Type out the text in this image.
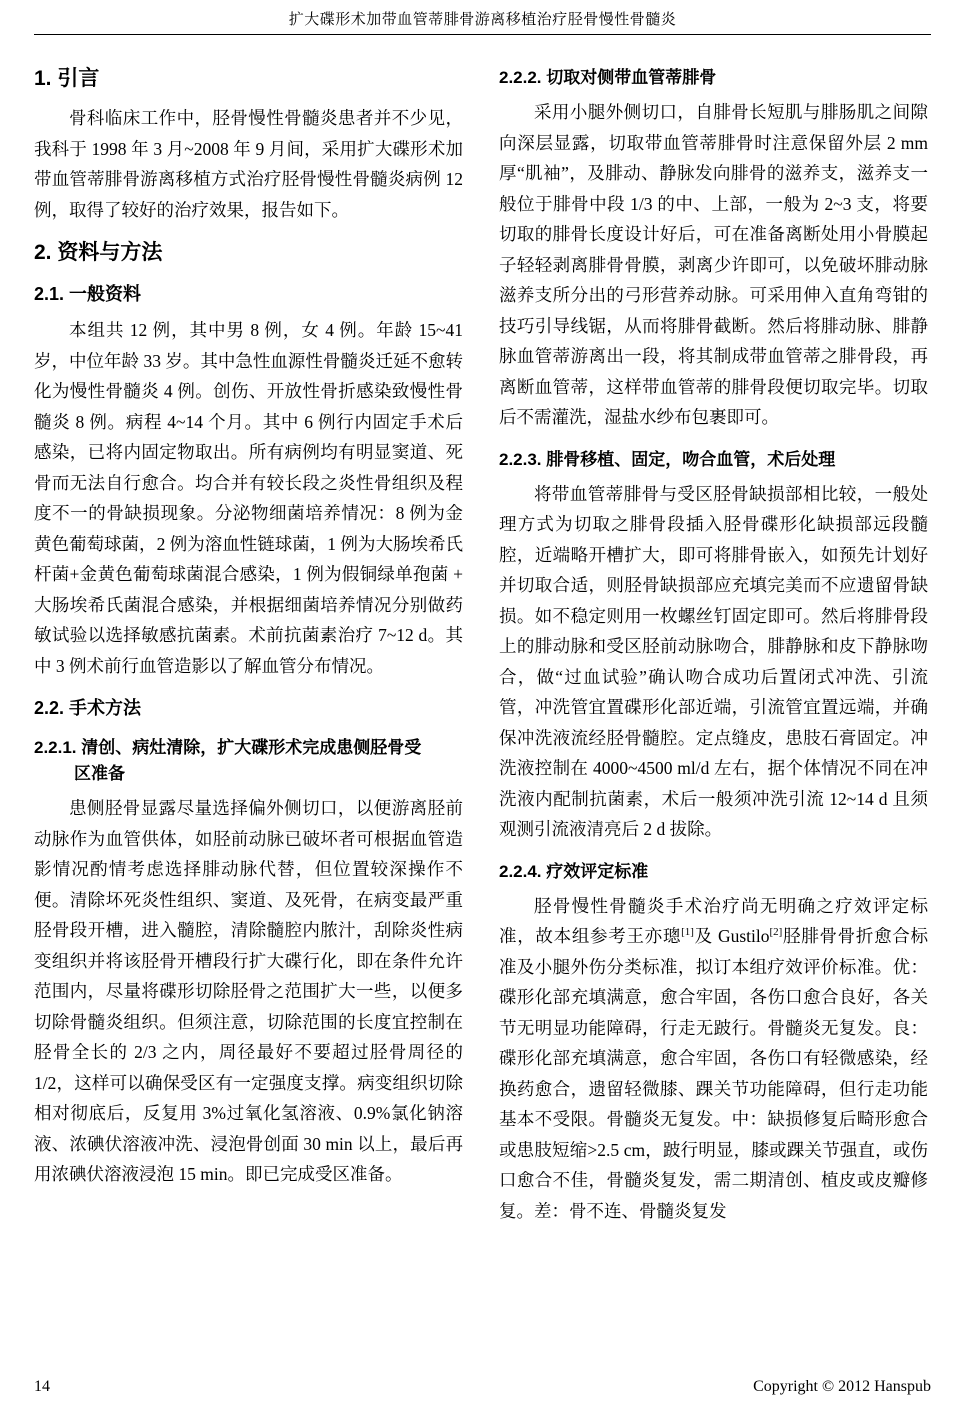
扩大碟形术加带血管蒂腓骨游离移植治疗胫骨慢性骨髓炎
1. 引言

骨科临床工作中，胫骨慢性骨髓炎患者并不少见，我科于 1998 年 3 月~2008 年 9 月间，采用扩大碟形术加带血管蒂腓骨游离移植方式治疗胫骨慢性骨髓炎病例 12 例，取得了较好的治疗效果，报告如下。

2. 资料与方法
2.1. 一般资料

本组共 12 例，其中男 8 例，女 4 例。年龄 15~41 岁，中位年龄 33 岁。其中急性血源性骨髓炎迁延不愈转化为慢性骨髓炎 4 例。创伤、开放性骨折感染致慢性骨髓炎 8 例。病程 4~14 个月。其中 6 例行内固定手术后感染，已将内固定物取出。所有病例均有明显窦道、死骨而无法自行愈合。均合并有较长段之炎性骨组织及程度不一的骨缺损现象。分泌物细菌培养情况：8 例为金黄色葡萄球菌，2 例为溶血性链球菌，1 例为大肠埃希氏杆菌+金黄色葡萄球菌混合感染，1 例为假铜绿单孢菌 + 大肠埃希氏菌混合感染，并根据细菌培养情况分别做药敏试验以选择敏感抗菌素。术前抗菌素治疗 7~12 d。其中 3 例术前行血管造影以了解血管分布情况。

2.2. 手术方法
2.2.1. 清创、病灶清除，扩大碟形术完成患侧胫骨受
区准备

患侧胫骨显露尽量选择偏外侧切口，以便游离胫前动脉作为血管供体，如胫前动脉已破坏者可根据血管造影情况酌情考虑选择腓动脉代替，但位置较深操作不便。清除坏死炎性组织、窦道、及死骨，在病变最严重胫骨段开槽，进入髓腔，清除髓腔内脓汁，刮除炎性病变组织并将该胫骨开槽段行扩大碟行化，即在条件允许范围内，尽量将碟形切除胫骨之范围扩大一些，以便多切除骨髓炎组织。但须注意，切除范围的长度宜控制在胫骨全长的 2/3 之内，周径最好不要超过胫骨周径的 1/2，这样可以确保受区有一定强度支撑。病变组织切除相对彻底后，反复用 3%过氧化氢溶液、0.9%氯化钠溶液、浓碘伏溶液冲洗、浸泡骨创面 30 min 以上，最后再用浓碘伏溶液浸泡 15 min。即已完成受区准备。

2.2.2. 切取对侧带血管蒂腓骨

采用小腿外侧切口，自腓骨长短肌与腓肠肌之间隙向深层显露，切取带血管蒂腓骨时注意保留外层 2 mm 厚“肌袖”，及腓动、静脉发向腓骨的滋养支，滋养支一般位于腓骨中段 1/3 的中、上部，一般为 2~3 支，将要切取的腓骨长度设计好后，可在准备离断处用小骨膜起子轻轻剥离腓骨骨膜，剥离少许即可，以免破坏腓动脉滋养支所分出的弓形营养动脉。可采用伸入直角弯钳的技巧引导线锯，从而将腓骨截断。然后将腓动脉、腓静脉血管蒂游离出一段，将其制成带血管蒂之腓骨段，再离断血管蒂，这样带血管蒂的腓骨段便切取完毕。切取后不需灌洗，湿盐水纱布包裹即可。

2.2.3. 腓骨移植、固定，吻合血管，术后处理

将带血管蒂腓骨与受区胫骨缺损部相比较，一般处理方式为切取之腓骨段插入胫骨碟形化缺损部远段髓腔，近端略开槽扩大，即可将腓骨嵌入，如预先计划好并切取合适，则胫骨缺损部应充填完美而不应遗留骨缺损。如不稳定则用一枚螺丝钉固定即可。然后将腓骨段上的腓动脉和受区胫前动脉吻合，腓静脉和皮下静脉吻合，做“过血试验”确认吻合成功后置闭式冲洗、引流管，冲洗管宜置碟形化部近端，引流管宜置远端，并确保冲洗液流经胫骨髓腔。定点缝皮，患肢石膏固定。冲洗液控制在 4000~4500 ml/d 左右，据个体情况不同在冲洗液内配制抗菌素，术后一般须冲洗引流 12~14 d 且须观测引流液清亮后 2 d 拔除。

2.2.4. 疗效评定标准

胫骨慢性骨髓炎手术治疗尚无明确之疗效评定标准，故本组参考王亦璁[1]及 Gustilo[2]胫腓骨骨折愈合标准及小腿外伤分类标准，拟订本组疗效评价标准。优：碟形化部充填满意，愈合牢固，各伤口愈合良好，各关节无明显功能障碍，行走无跛行。骨髓炎无复发。良：碟形化部充填满意，愈合牢固，各伤口有轻微感染，经换药愈合，遗留轻微膝、踝关节功能障碍，但行走功能基本不受限。骨髓炎无复发。中：缺损修复后畸形愈合或患肢短缩>2.5 cm，跛行明显，膝或踝关节强直，或伤口愈合不佳，骨髓炎复发，需二期清创、植皮或皮瓣修复。差：骨不连、骨髓炎复发

14	Copyright © 2012 Hanspub
